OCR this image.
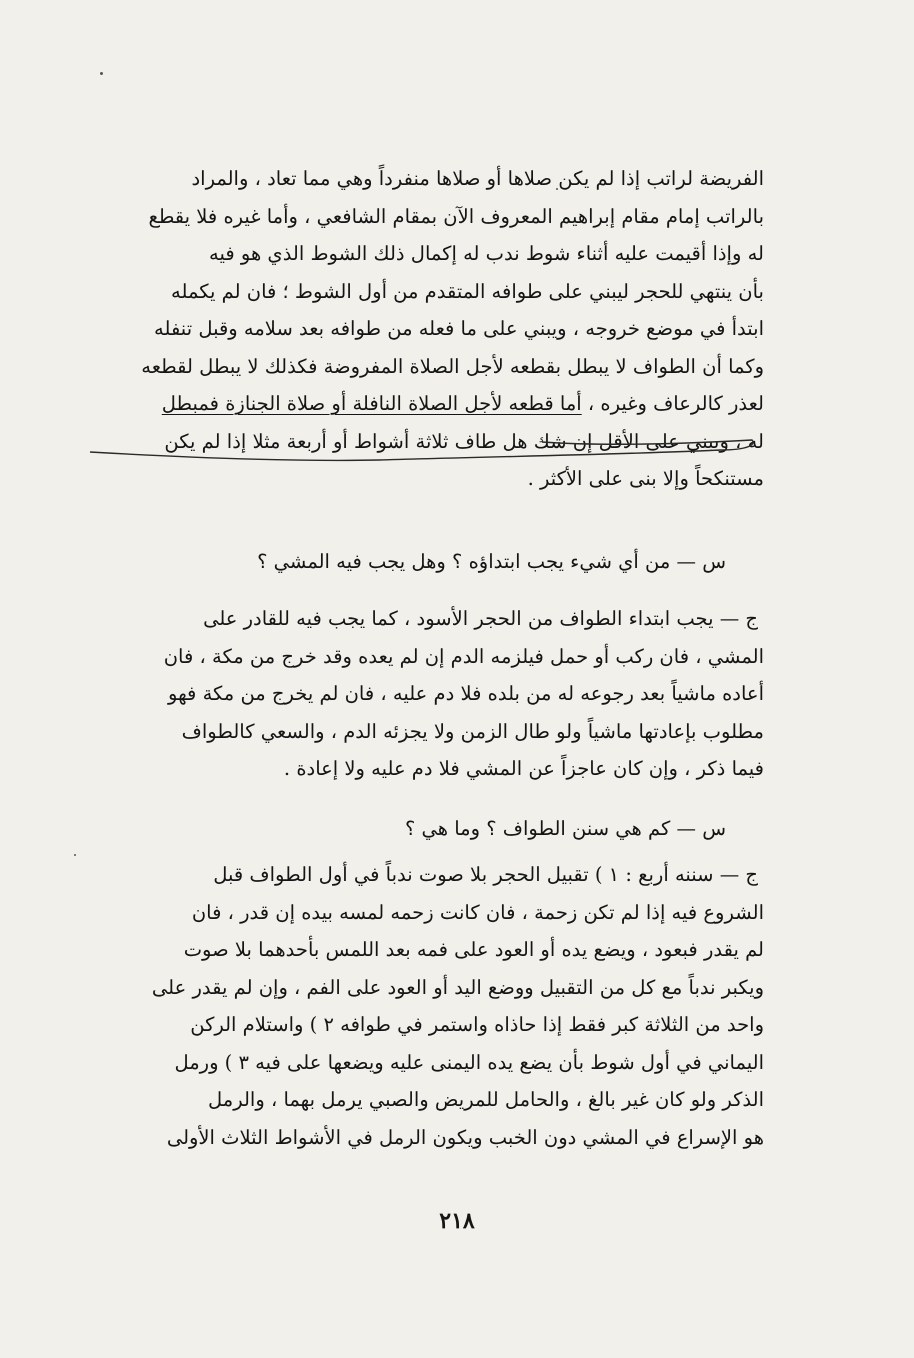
الفريضة لراتب إذا لم يكن صلاها أو صلاها منفرداً وهي مما تعاد ، والمراد
بالراتب إمام مقام إبراهيم المعروف الآن بمقام الشافعي ، وأما غيره فلا يقطع
له وإذا أقيمت عليه أثناء شوط ندب له إكمال ذلك الشوط الذي هو فيه
بأن ينتهي للحجر ليبني على طوافه المتقدم من أول الشوط ؛ فان لم يكمله
ابتدأ في موضع خروجه ، ويبني على ما فعله من طوافه بعد سلامه وقبل تنفله
وكما أن الطواف لا يبطل بقطعه لأجل الصلاة المفروضة فكذلك لا يبطل لقطعه
لعذر كالرعاف وغيره ، أما قطعه لأجل الصلاة النافلة أو صلاة الجنازة فمبطل
له ، ويبني على الأقل إن شك هل طاف ثلاثة أشواط أو أربعة مثلا إذا لم يكن
مستنكحاً وإلا بنى على الأكثر .
س — من أي شيء يجب ابتداؤه ؟ وهل يجب فيه المشي ؟
ج — يجب ابتداء الطواف من الحجر الأسود ، كما يجب فيه للقادر على
المشي ، فان ركب أو حمل فيلزمه الدم إن لم يعده وقد خرج من مكة ، فان
أعاده ماشياً بعد رجوعه له من بلده فلا دم عليه ، فان لم يخرج من مكة فهو
مطلوب بإعادتها ماشياً ولو طال الزمن ولا يجزئه الدم ، والسعي كالطواف
فيما ذكر ، وإن كان عاجزاً عن المشي فلا دم عليه ولا إعادة .
س — كم هي سنن الطواف ؟ وما هي ؟
ج — سننه أربع : ١ ) تقبيل الحجر بلا صوت ندباً في أول الطواف قبل
الشروع فيه إذا لم تكن زحمة ، فان كانت زحمه لمسه بيده إن قدر ، فان
لم يقدر فبعود ، ويضع يده أو العود على فمه بعد اللمس بأحدهما بلا صوت
ويكبر ندباً مع كل من التقبيل ووضع اليد أو العود على الفم ، وإن لم يقدر على
واحد من الثلاثة كبر فقط إذا حاذاه واستمر في طوافه ٢ ) واستلام الركن
اليماني في أول شوط بأن يضع يده اليمنى عليه ويضعها على فيه ٣ ) ورمل
الذكر ولو كان غير بالغ ، والحامل للمريض والصبي يرمل بهما ، والرمل
هو الإسراع في المشي دون الخبب ويكون الرمل في الأشواط الثلاث الأولى
٢١٨
